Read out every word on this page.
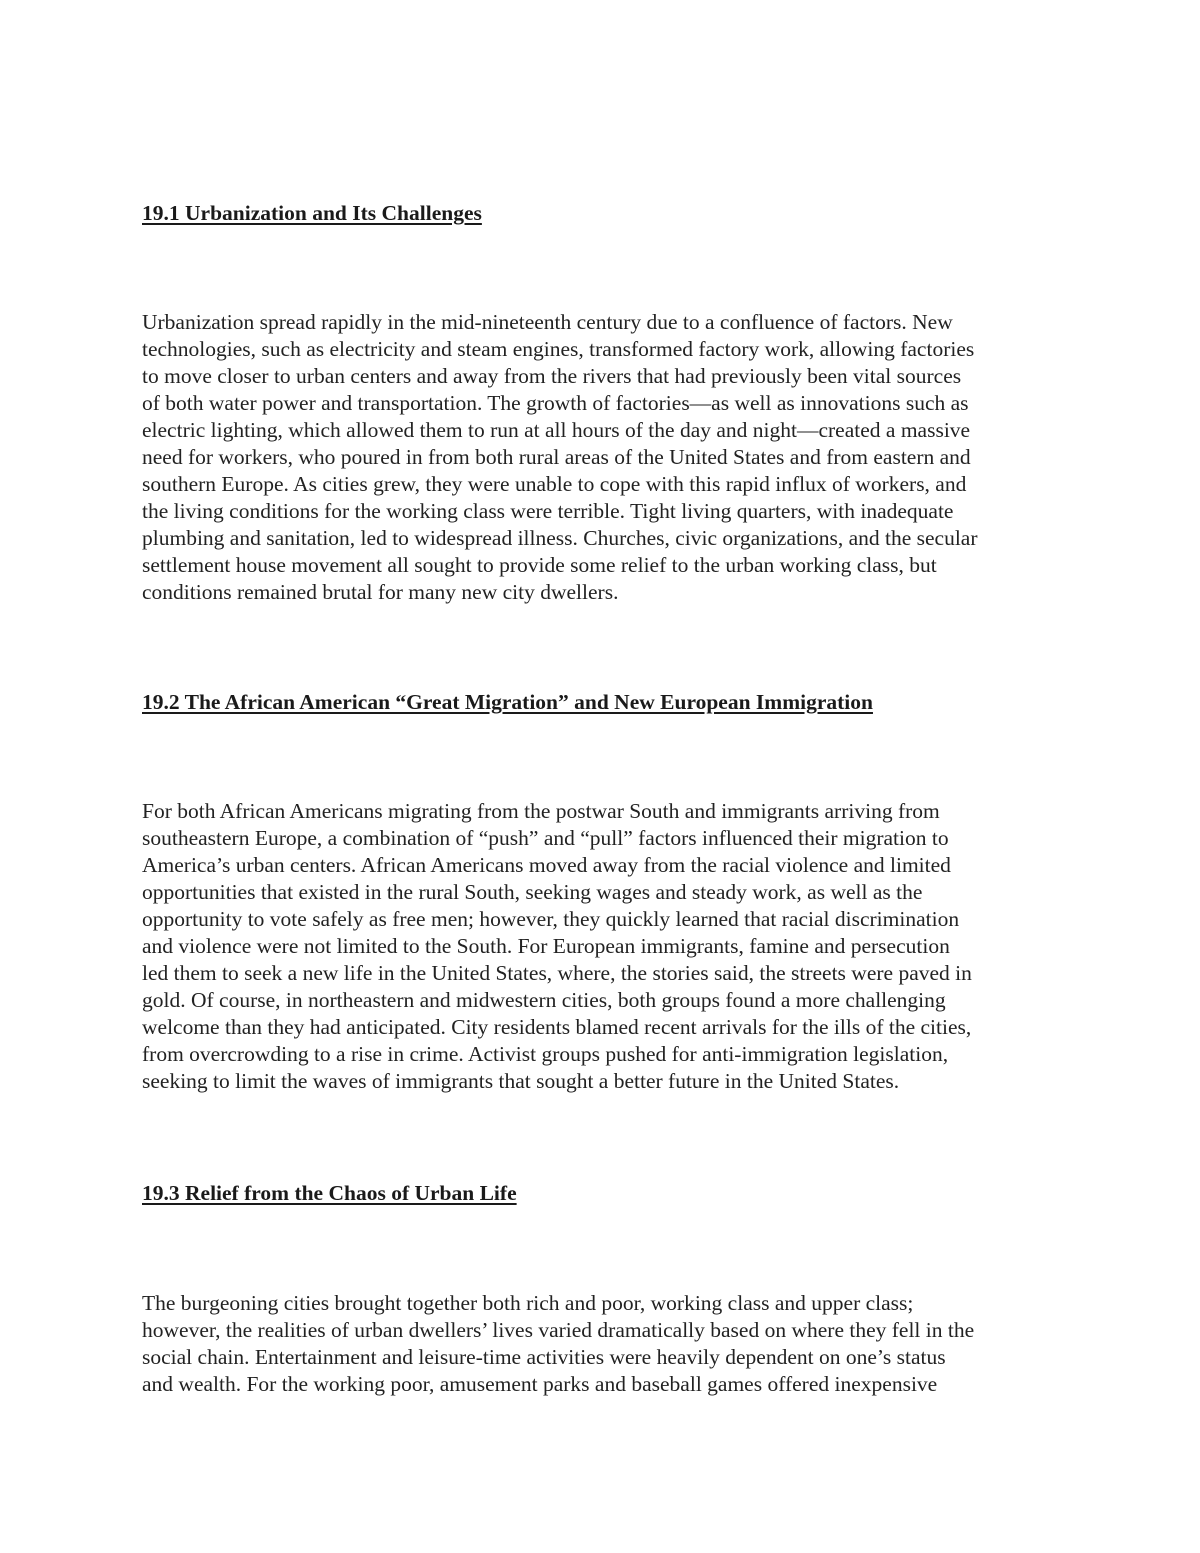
19.1 Urbanization and Its Challenges
Urbanization spread rapidly in the mid-nineteenth century due to a confluence of factors. New
technologies, such as electricity and steam engines, transformed factory work, allowing factories
to move closer to urban centers and away from the rivers that had previously been vital sources
of both water power and transportation. The growth of factories—as well as innovations such as
electric lighting, which allowed them to run at all hours of the day and night—created a massive
need for workers, who poured in from both rural areas of the United States and from eastern and
southern Europe. As cities grew, they were unable to cope with this rapid influx of workers, and
the living conditions for the working class were terrible. Tight living quarters, with inadequate
plumbing and sanitation, led to widespread illness. Churches, civic organizations, and the secular
settlement house movement all sought to provide some relief to the urban working class, but
conditions remained brutal for many new city dwellers.
19.2 The African American “Great Migration” and New European Immigration
For both African Americans migrating from the postwar South and immigrants arriving from
southeastern Europe, a combination of “push” and “pull” factors influenced their migration to
America’s urban centers. African Americans moved away from the racial violence and limited
opportunities that existed in the rural South, seeking wages and steady work, as well as the
opportunity to vote safely as free men; however, they quickly learned that racial discrimination
and violence were not limited to the South. For European immigrants, famine and persecution
led them to seek a new life in the United States, where, the stories said, the streets were paved in
gold. Of course, in northeastern and midwestern cities, both groups found a more challenging
welcome than they had anticipated. City residents blamed recent arrivals for the ills of the cities,
from overcrowding to a rise in crime. Activist groups pushed for anti-immigration legislation,
seeking to limit the waves of immigrants that sought a better future in the United States.
19.3 Relief from the Chaos of Urban Life
The burgeoning cities brought together both rich and poor, working class and upper class;
however, the realities of urban dwellers’ lives varied dramatically based on where they fell in the
social chain. Entertainment and leisure-time activities were heavily dependent on one’s status
and wealth. For the working poor, amusement parks and baseball games offered inexpensive
